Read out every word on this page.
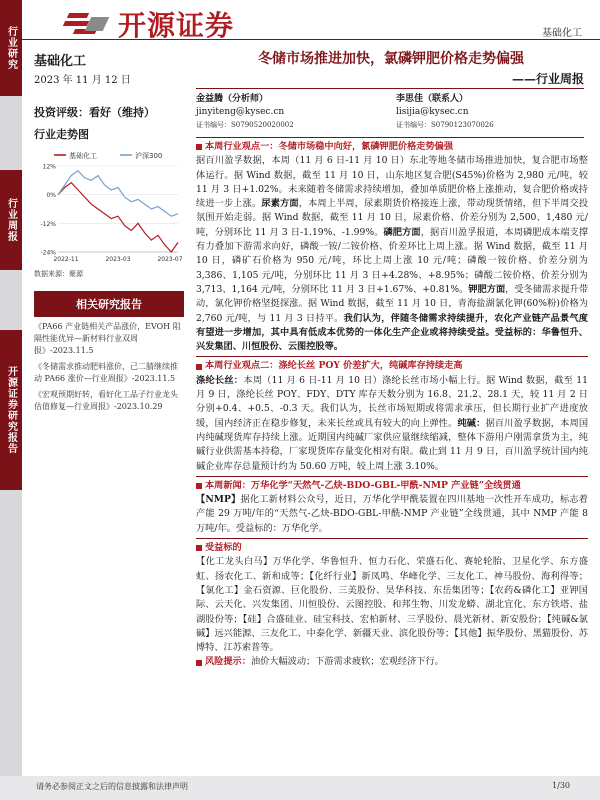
行业研究
行业周报
开源证券研究报告
开源证券	基础化工
基础化工
2023 年 11 月 12 日
投资评级：看好（维持）
行业走势图
基础化工	沪深300
12%
0%
-12%
-24%
2022-11	2023-03	2023-07
数据来源：聚源
相关研究报告
《PA66 产业链相关产品涨价，EVOH 阻隔性能优异—新材料行业双周报》-2023.11.5
《冬储需求推动肥料涨价，己二腈继续推动 PA66 涨价—行业周报》-2023.11.5
《宏观预期好转，看好化工品子行业龙头估值修复—行业周报》-2023.10.29
冬储市场推进加快，氯磷钾肥价格走势偏强
——行业周报
金益腾（分析师）
jinyiteng@kysec.cn
证书编号：S0790520020002
李思佳（联系人）
lisijia@kysec.cn
证书编号：S0790123070026
本周行业观点一：冬储市场稳中向好，氯磷钾肥价格走势偏强
据百川盈孚数据，本周（11 月 6 日-11 月 10 日）东北等地冬储市场推进加快，复合肥市场整体运行。据 Wind 数据，截至 11 月 10 日，山东地区复合肥(S45%)价格为 2,980 元/吨，较 11 月 3 日+1.02%。未来随着冬储需求持续增加，叠加单质肥价格上涨推动，复合肥价格或持续进一步上涨。尿素方面，本周上半周，尿素期货价格接连上涨，带动现货情绪，但下半周交投氛围开始走弱。据 Wind 数据，截至 11 月 10 日，尿素价格、价差分别为 2,500、1,480 元/吨，分别环比 11 月 3 日-1.19%、-1.99%。磷肥方面，据百川盈孚报道，本周磷肥成本端支撑有力叠加下游需求向好，磷酸一铵/二铵价格、价差环比上周上涨。据 Wind 数据，截至 11 月 10 日，磷矿石价格为 950 元/吨，环比上周上涨 10 元/吨；磷酸一铵价格、价差分别为 3,386、1,105 元/吨，分别环比 11 月 3 日+4.28%、+8.95%；磷酸二铵价格、价差分别为 3,713、1,164 元/吨，分别环比 11 月 3 日+1.67%、+0.81%。钾肥方面，受冬储需求提升带动，氯化钾价格坚挺探涨。据 Wind 数据，截至 11 月 10 日，青海盐湖氯化钾(60%粉)价格为 2,760 元/吨，与 11 月 3 日持平。我们认为，伴随冬储需求持续提升，农化产业链产品景气度有望进一步增加，其中具有低成本优势的一体化生产企业或将持续受益。受益标的：华鲁恒升、兴发集团、川恒股份、云图控股等。
本周行业观点二：涤纶长丝 POY 价差扩大，纯碱库存持续走高
涤纶长丝：本周（11 月 6 日-11 月 10 日）涤纶长丝市场小幅上行。据 Wind 数据，截至 11 月 9 日，涤纶长丝 POY、FDY、DTY 库存天数分别为 16.8、21.2、28.1 天，较 11 月 2 日分别+0.4、+0.5、-0.3 天。我们认为，长丝市场短期或将需求承压，但长期行业扩产进度放缓，国内经济正在稳步修复，未来长丝或具有较大的向上弹性。纯碱：据百川盈孚数据，本周国内纯碱现货库存持续上涨。近期国内纯碱厂家供应量继续缩减，整体下游用户刚需拿货为主，纯碱行业供需基本持稳，厂家现货库存量变化相对有限。截止到 11 月 9 日，百川盈孚统计国内纯碱企业库存总量预计约为 50.60 万吨，较上周上涨 3.10%。
本周新闻：万华化学“天然气-乙炔-BDO-GBL-甲酰-NMP 产业链”全线贯通
【NMP】据化工新材料公众号，近日，万华化学甲酰装置在四川基地一次性开车成功，标志着产能 29 万吨/年的“天然气-乙炔-BDO-GBL-甲酰-NMP 产业链”全线贯通，其中 NMP 产能 8 万吨/年。受益标的：万华化学。
受益标的
【化工龙头白马】万华化学、华鲁恒升、恒力石化、荣盛石化、赛轮轮胎、卫星化学、东方盛虹、扬农化工、新和成等；【化纤行业】新凤鸣、华峰化学、三友化工、神马股份、海利得等；【氯化工】金石资源、巨化股份、三美股份、昊华科技、东岳集团等；【农药&磷化工】亚钾国际、云天化、兴发集团、川恒股份、云图控股、和邦生物、川发龙蟒、湖北宜化、东方铁塔、盐湖股份等；【硅】合盛硅业、硅宝科技、宏柏新材、三孚股份、晨光新材、新安股份；【纯碱&氯碱】远兴能源、三友化工、中泰化学、新疆天业、滨化股份等；【其他】振华股份、黑猫股份、苏博特、江苏索普等。
风险提示： 油价大幅波动；下游需求疲软；宏观经济下行。
请务必参阅正文之后的信息披露和法律声明	1/30
